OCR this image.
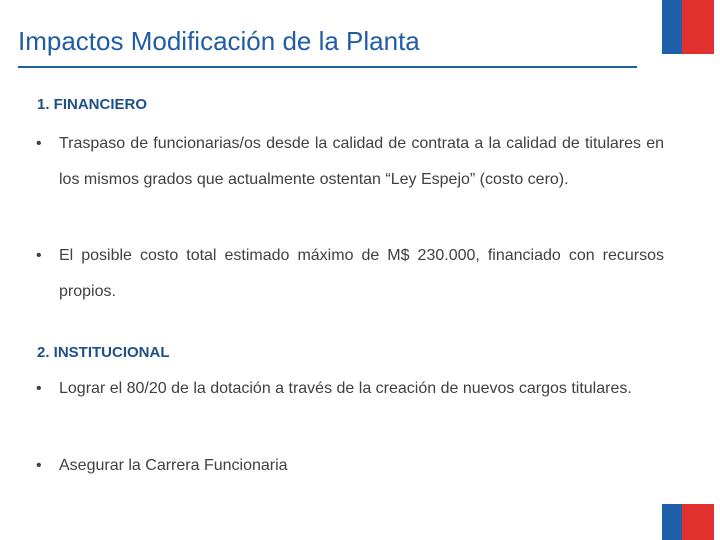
Impactos Modificación de la Planta
1. FINANCIERO
•	Traspaso de funcionarias/os desde la calidad de contrata a la calidad de titulares en los mismos grados que actualmente ostentan “Ley Espejo” (costo cero).
•	El posible costo total estimado máximo de M$ 230.000, financiado con recursos propios.
2. INSTITUCIONAL
•	Lograr el 80/20 de la dotación a través de la creación de nuevos cargos titulares.
•	Asegurar la Carrera Funcionaria
